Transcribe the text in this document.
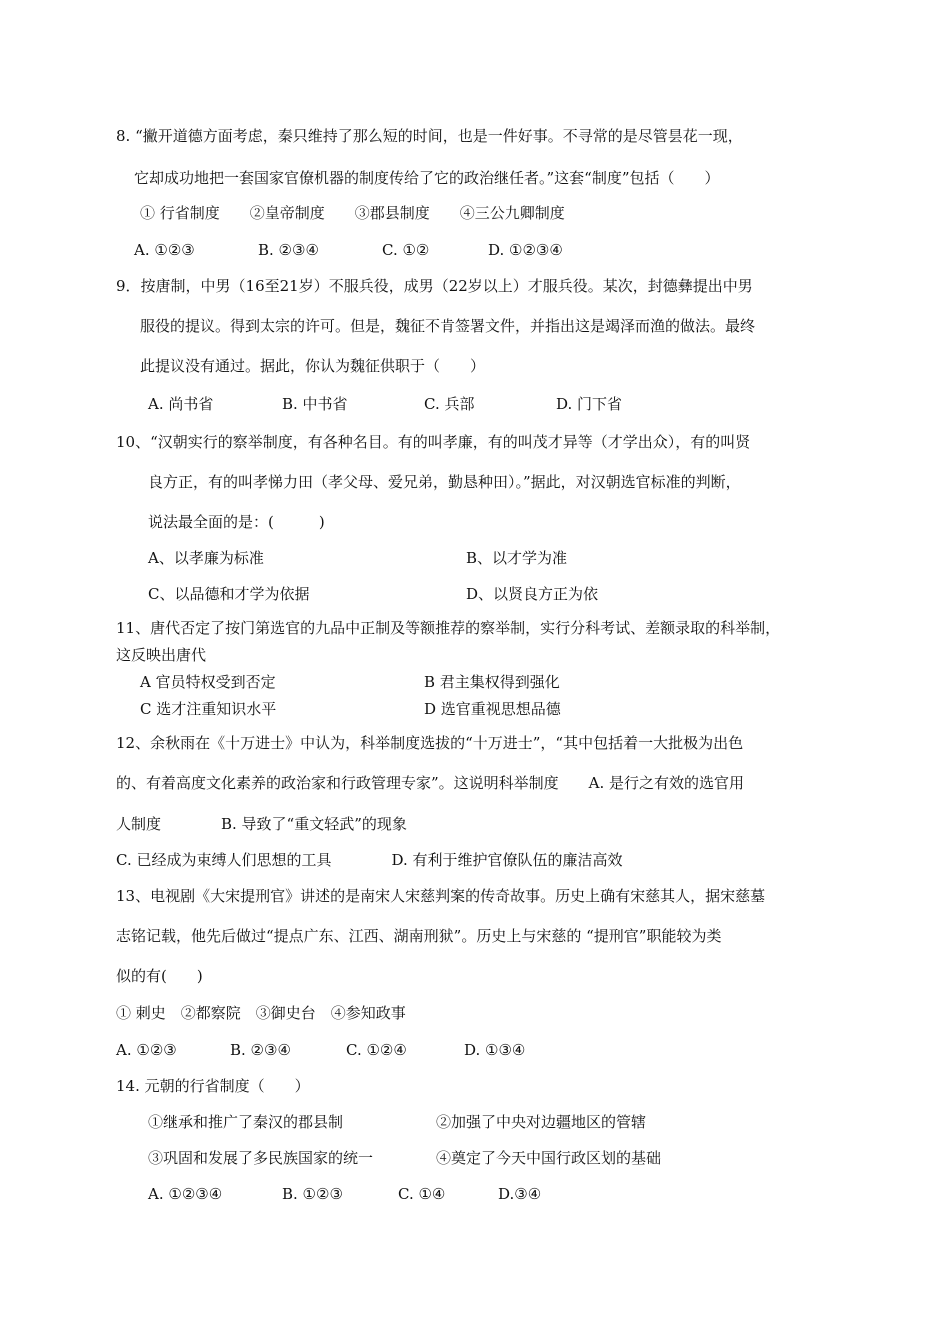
8. “撇开道德方面考虑，秦只维持了那么短的时间，也是一件好事。不寻常的是尽管昙花一现，
它却成功地把一套国家官僚机器的制度传给了它的政治继任者。”这套“制度”包括（　　）
① 行省制度　　②皇帝制度　　③郡县制度　　④三公九卿制度
A. ①②③	B. ②③④	C. ①②	D. ①②③④
9．按唐制，中男（16至21岁）不服兵役，成男（22岁以上）才服兵役。某次，封德彝提出中男
服役的提议。得到太宗的许可。但是，魏征不肯签署文件，并指出这是竭泽而渔的做法。最终
此提议没有通过。据此，你认为魏征供职于（　　）
A. 尚书省	B. 中书省	C. 兵部	D. 门下省
10、“汉朝实行的察举制度，有各种名目。有的叫孝廉，有的叫茂才异等（才学出众），有的叫贤
良方正，有的叫孝悌力田（孝父母、爱兄弟，勤恳种田）。”据此，对汉朝选官标准的判断，
说法最全面的是：(　　　)
A、以孝廉为标准	B、以才学为准
C、以品德和才学为依据	D、以贤良方正为依
11、唐代否定了按门第选官的九品中正制及等额推荐的察举制，实行分科考试、差额录取的科举制，
这反映出唐代
A 官员特权受到否定	B 君主集权得到强化
C 选才注重知识水平	D 选官重视思想品德
12、余秋雨在《十万进士》中认为，科举制度选拔的“十万进士”，“其中包括着一大批极为出色
的、有着高度文化素养的政治家和行政管理专家”。这说明科举制度　　A. 是行之有效的选官用
人制度　　　　B. 导致了“重文轻武”的现象
C. 已经成为束缚人们思想的工具　　　　D. 有利于维护官僚队伍的廉洁高效
13、电视剧《大宋提刑官》讲述的是南宋人宋慈判案的传奇故事。历史上确有宋慈其人，据宋慈墓
志铭记载，他先后做过“提点广东、江西、湖南刑狱”。历史上与宋慈的 “提刑官”职能较为类
似的有(　　)
① 刺史　②都察院　③御史台　④参知政事
A. ①②③	B. ②③④	C. ①②④	D. ①③④
14. 元朝的行省制度（　　）
①继承和推广了秦汉的郡县制	②加强了中央对边疆地区的管辖
③巩固和发展了多民族国家的统一	④奠定了今天中国行政区划的基础
A. ①②③④	B. ①②③	C. ①④	D.③④
